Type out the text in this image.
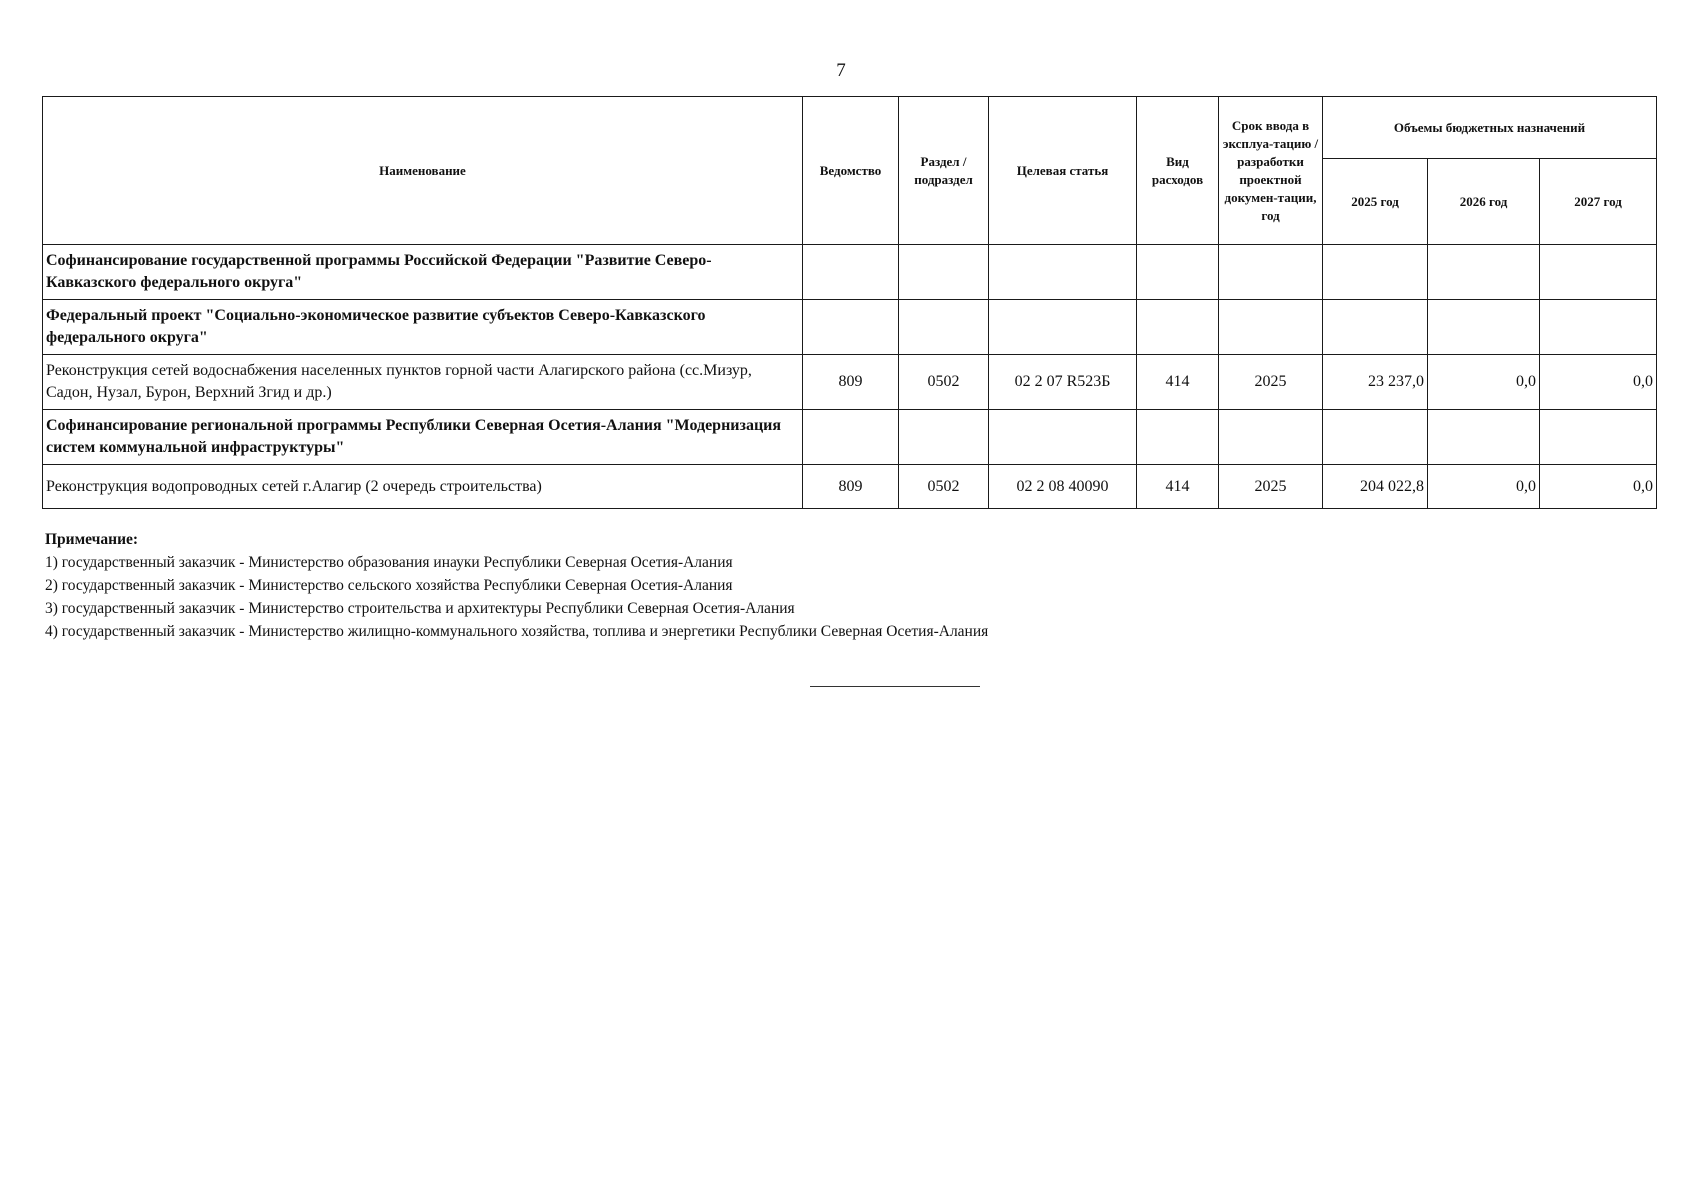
7
Наименование	Ведомство	Раздел / подраздел	Целевая статья	Вид расходов	Срок ввода в эксплуа-тацию / разработки проектной докумен-тации, год	Объемы бюджетных назначений		
						2025 год	2026 год	2027 год
Софинансирование государственной программы Российской Федерации "Развитие Северо-Кавказского федерального округа"								
Федеральный проект "Социально-экономическое развитие субъектов Северо-Кавказского федерального округа"								
Реконструкция сетей водоснабжения населенных пунктов горной части Алагирского района (сс.Мизур, Садон, Нузал, Бурон, Верхний Згид и др.)	809	0502	02 2 07 R523Б	414	2025	23 237,0	0,0	0,0
Софинансирование региональной программы Республики Северная Осетия-Алания "Модернизация систем коммунальной инфраструктуры"								
Реконструкция водопроводных сетей г.Алагир (2 очередь строительства)	809	0502	02 2 08 40090	414	2025	204 022,8	0,0	0,0
Примечание:
1) государственный заказчик - Министерство образования инауки Республики Северная Осетия-Алания
2) государственный заказчик - Министерство сельского хозяйства Республики Северная Осетия-Алания
3) государственный заказчик - Министерство строительства и архитектуры Республики Северная Осетия-Алания
4) государственный заказчик - Министерство жилищно-коммунального хозяйства, топлива и энергетики Республики Северная Осетия-Алания
